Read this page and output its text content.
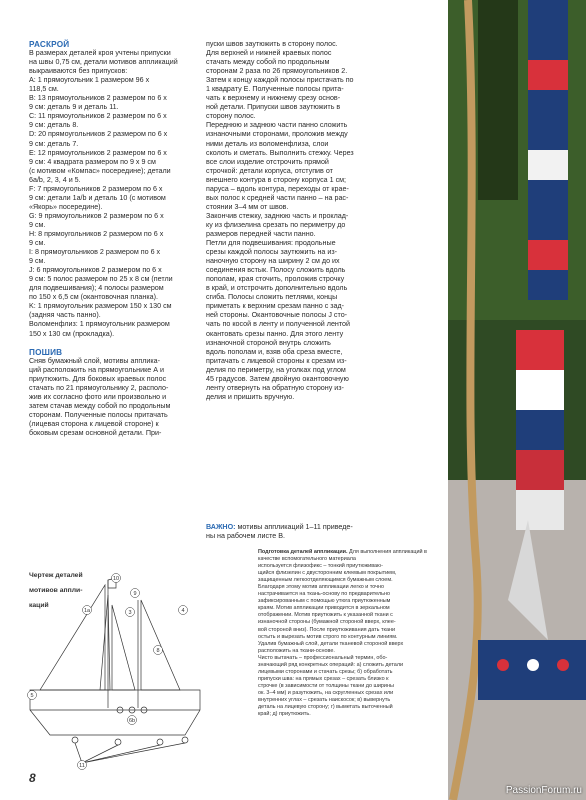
РАСКРОЙ

В размерах деталей кроя учтены припуски

на швы 0,75 см, детали мотивов аппликаций

выкраиваются без припусков:

A: 1 прямоугольник 1 размером 96 х

118,5 см.

B: 13 прямоугольников 2 размером по 6 х

9 см: деталь 9 и деталь 11.

C: 11 прямоугольников 2 размером по 6 х

9 см: деталь 8.

D: 20 прямоугольников 2 размером по 6 х

9 см: деталь 7.

E: 12 прямоугольников 2 размером по 6 х

9 см: 4 квадрата размером по 9 х 9 см

(с мотивом «Компас» посередине); детали

6а/b, 2, 3, 4 и 5.

F: 7 прямоугольников 2 размером по 6 х

9 см: детали 1а/b и деталь 10 (с мотивом

«Якорь» посередине).

G: 9 прямоугольников 2 размером по 6 х

9 см.

H: 8 прямоугольников 2 размером по 6 х

9 см.

I: 8 прямоугольников 2 размером по 6 х

9 см.

J: 6 прямоугольников 2 размером по 6 х

9 см: 5 полос размером по 25 х 8 см (петли

для подвешивания); 4 полосы размером

по 150 х 6,5 см (окантовочная планка).

K: 1 прямоугольник размером 150 х 130 см

(задняя часть панно).

Воломенфлиз: 1 прямоугольник размером

150 х 130 см (прокладка).

ПОШИВ

Сняв бумажный слой, мотивы апплика-

ций расположить на прямоугольнике А и

приутюжить. Для боковых краевых полос

стачать по 21 прямоугольнику 2, располо-

жив их согласно фото или произвольно и

затем стачав между собой по продольным

сторонам. Полученные полосы притачать

(лицевая сторона к лицевой стороне) к

боковым срезам основной детали. При-

пуски швов заутюжить в сторону полос.

Для верхней и нижней краевых полос

стачать между собой по продольным

сторонам 2 раза по 26 прямоугольников 2.

Затем к концу каждой полосы пристачать по

1 квадрату Е. Полученные полосы прита-

чать к верхнему и нижнему срезу основ-

ной детали. Припуски швов заутюжить в

сторону полос.

Переднюю и заднюю части панно сложить

изнаночными сторонами, проложив между

ними деталь из воломенфлиза, слои

сколоть и сметать. Выполнить стежку. Через

все слои изделие отстрочить прямой

строчкой: детали корпуса, отступив от

внешнего контура в сторону корпуса 1 см;

паруса – вдоль контура, переходы от крае-

вых полос к средней части панно – на рас-

стоянии 3–4 мм от швов.

Закончив стежку, заднюю часть и проклад-

ку из флизелина срезать по периметру до

размеров передней части панно.

Петли для подвешивания: продольные

срезы каждой полосы заутюжить на из-

наночную сторону на ширину 2 см до их

соединения встык. Полосу сложить вдоль

пополам, края сточить, проложив строчку

в край, и отстрочить дополнительно вдоль

сгиба. Полосы сложить петлями, концы

приметать к верхним срезам панно с зад-

ней стороны. Окантовочные полосы J сто-

чать по косой в ленту и полученной лентой

окантовать срезы панно. Для этого ленту

изнаночной стороной внутрь сложить

вдоль пополам и, взяв оба среза вместе,

притачать с лицевой стороны к срезам из-

делия по периметру, на уголках под углом

45 градусов. Затем двойную окантовочную

ленту отвернуть на обратную сторону из-

делия и пришить вручную.

ВАЖНО: мотивы аппликаций 1–11 приведе-

ны на рабочем листе В.

Подготовка деталей аппликации. Для выполнения аппликаций в качестве вспомогательного материала

используется флизофикс – тонкий приутюживаю-

щийся флизелин с двусторонним клеевым покрытием,

защищенным легкоотделяющимся бумажным слоем.

Благодаря этому мотив аппликации легко и точно

настрачивается на ткань-основу по предварительно

зафиксированным с помощью утюга приутюженным

краям. Мотив аппликации приводится в зеркальном

отображении. Мотив приутюжить к указанной ткани с

изнаночной стороны (бумажной стороной вверх, клее-

вой стороной вниз). После приутюживания дать ткани

остыть и вырезать мотив строго по контурным линиям.

Удалив бумажный слой, детали тканевой стороной вверх

расположить на ткани-основе.

Чисто вытачать – профессиональный термин, обо-

значающий ряд конкретных операций: а) сложить детали

лицевыми сторонами и стачать срезы; б) обработать

припуски шва: на прямых срезах – срезать близко к

строчке (в зависимости от толщины ткани до ширины

ок. 3–4 мм) и разутюжить, на скругленных срезах или

внутренних углах – срезать наискосок; в) вывернуть

деталь на лицевую сторону; г) выметать выточенный

край; д) приутюжить.

Чертеж деталей

мотивов аппли-

каций

10
9
1a	4
3
8
5
6b
11
8
PassionForum.ru
